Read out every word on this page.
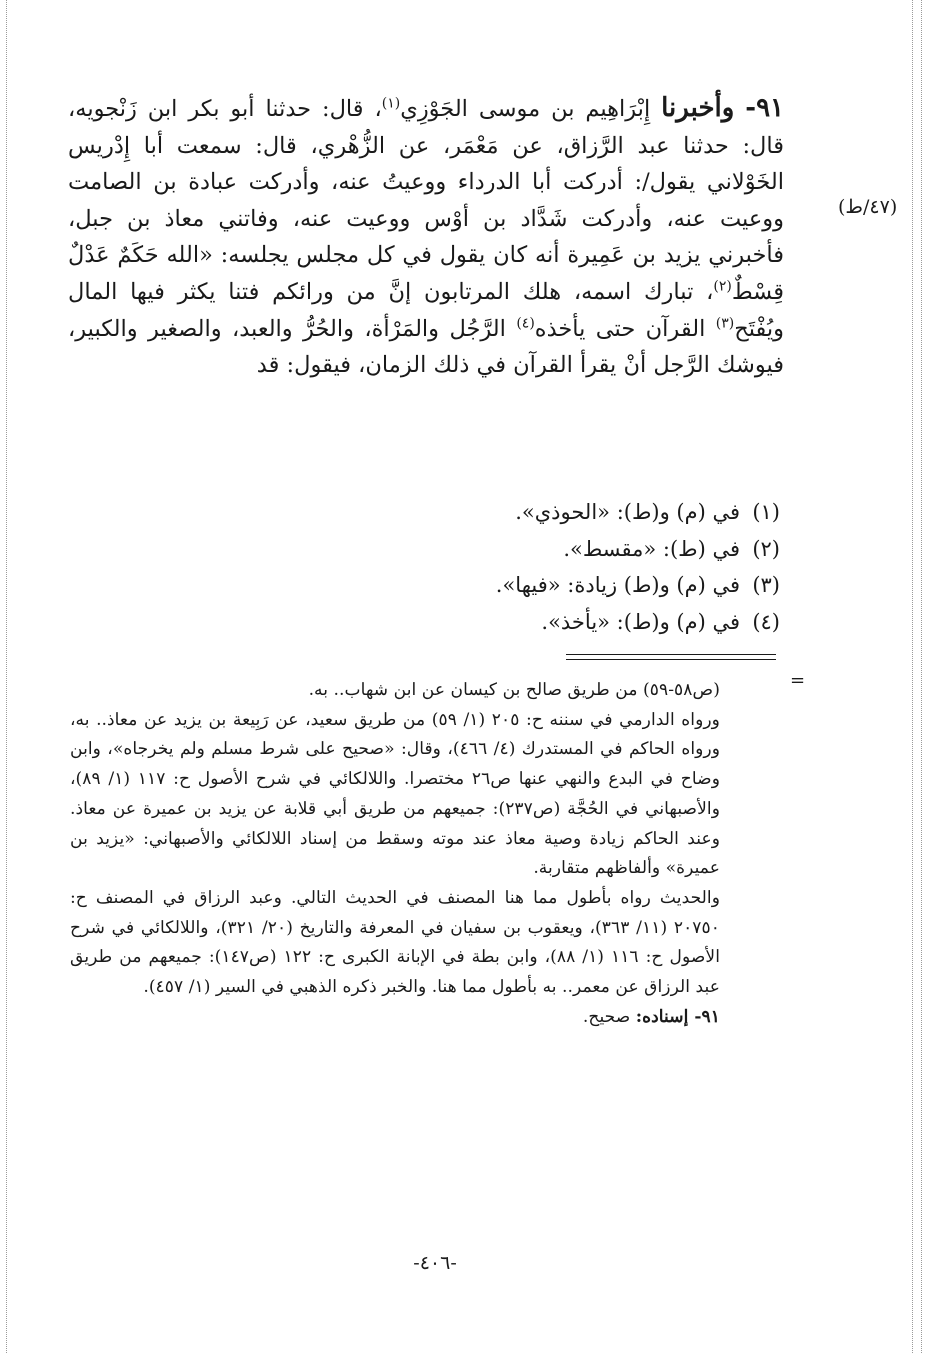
٩١- وأخبرنا إِبْرَاهِيم بن موسى الجَوْزِي$^{(١)}$، قال: حدثنا أبو بكر ابن زَنْجويه، قال: حدثنا عبد الرَّزاق، عن مَعْمَر، عن الزُّهْري، قال: سمعت أبا إِدْريس الخَوْلاني يقول/: أدركت أبا الدرداء ووعيتُ عنه، وأدركت عبادة بن الصامت ووعيت عنه، وأدركت شَدَّاد بن أوْس ووعيت عنه، وفاتني معاذ بن جبل، فأخبرني يزيد بن عَمِيرة أنه كان يقول في كل مجلس يجلسه: «الله حَكَمٌ عَدْلٌ قِسْطٌ$^{(٢)}$، تبارك اسمه، هلك المرتابون إنَّ من ورائكم فتنا يكثر فيها المال ويُفْتَح$^{(٣)}$ القرآن حتى يأخذه$^{(٤)}$ الرَّجُل والمَرْأة، والحُرُّ والعبد، والصغير والكبير، فيوشك الرَّجل أنْ يقرأ القرآن في ذلك الزمان، فيقول: قد

(٤٧/ط)
(١)في (م) و(ط): «الحوذي».
(٢)في (ط): «مقسط».
(٣)في (م) و(ط) زيادة: «فيها».
(٤)في (م) و(ط): «يأخذ».
=

(ص٥٨-٥٩) من طريق صالح بن كيسان عن ابن شهاب.. به.

ورواه الدارمي في سننه ح: ٢٠٥ (١/ ٥٩) من طريق سعيد، عن رَبِيعة بن يزيد عن معاذ.. به، ورواه الحاكم في المستدرك (٤/ ٤٦٦)، وقال: «صحيح على شرط مسلم ولم يخرجاه»، وابن وضاح في البدع والنهي عنها ص٢٦ مختصرا. واللالكائي في شرح الأصول ح: ١١٧ (١/ ٨٩)، والأصبهاني في الحُجَّة (ص٢٣٧): جميعهم من طريق أبي قلابة عن يزيد بن عميرة عن معاذ. وعند الحاكم زيادة وصية معاذ عند موته وسقط من إسناد اللالكائي والأصبهاني: «يزيد بن عميرة» وألفاظهم متقاربة.

والحديث رواه بأطول مما هنا المصنف في الحديث التالي. وعبد الرزاق في المصنف ح: ٢٠٧٥٠ (١١/ ٣٦٣)، ويعقوب بن سفيان في المعرفة والتاريخ (٢٠/ ٣٢١)، واللالكائي في شرح الأصول ح: ١١٦ (١/ ٨٨)، وابن بطة في الإبانة الكبرى ح: ١٢٢ (ص١٤٧): جميعهم من طريق عبد الرزاق عن معمر.. به بأطول مما هنا. والخبر ذكره الذهبي في السير (١/ ٤٥٧).

٩١- إسناده: صحيح.

-٤٠٦-
